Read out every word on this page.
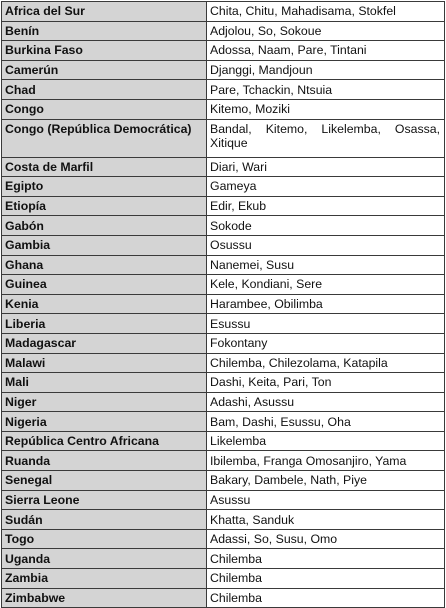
Africa del Sur	Chita, Chitu, Mahadisama, Stokfel
Benín	Adjolou, So, Sokoue
Burkina Faso	Adossa, Naam, Pare, Tintani
Camerún	Djanggi, Mandjoun
Chad	Pare, Tchackin, Ntsuia
Congo	Kitemo, Moziki
Congo (República Democrática)	Bandal, Kitemo, Likelemba, Osassa, Xitique
Costa de Marfil	Diari, Wari
Egipto	Gameya
Etiopía	Edir, Ekub
Gabón	Sokode
Gambia	Osussu
Ghana	Nanemei, Susu
Guinea	Kele, Kondiani, Sere
Kenia	Harambee, Obilimba
Liberia	Esussu
Madagascar	Fokontany
Malawi	Chilemba, Chilezolama, Katapila
Mali	Dashi, Keita, Pari, Ton
Niger	Adashi, Asussu
Nigeria	Bam, Dashi, Esussu, Oha
República Centro Africana	Likelemba
Ruanda	Ibilemba, Franga Omosanjiro, Yama
Senegal	Bakary, Dambele, Nath, Piye
Sierra Leone	Asussu
Sudán	Khatta, Sanduk
Togo	Adassi, So, Susu, Omo
Uganda	Chilemba
Zambia	Chilemba
Zimbabwe	Chilemba
